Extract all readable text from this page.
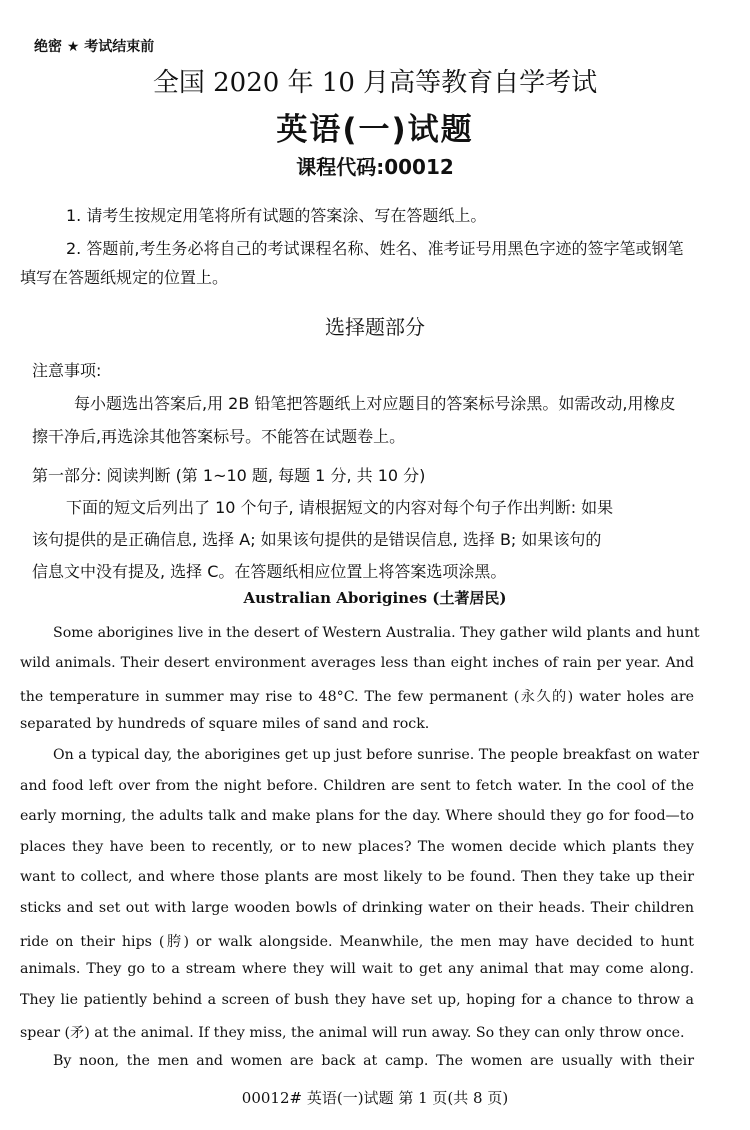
绝密 ★ 考试结束前
全国 2020 年 10 月高等教育自学考试
英语(一)试题
课程代码:00012
1. 请考生按规定用笔将所有试题的答案涂、写在答题纸上。
2. 答题前,考生务必将自己的考试课程名称、姓名、准考证号用黑色字迹的签字笔或钢笔
填写在答题纸规定的位置上。
选择题部分
注意事项:
每小题选出答案后,用 2B 铅笔把答题纸上对应题目的答案标号涂黑。如需改动,用橡皮
擦干净后,再选涂其他答案标号。不能答在试题卷上。
第一部分: 阅读判断 (第 1~10 题, 每题 1 分, 共 10 分)
下面的短文后列出了 10 个句子, 请根据短文的内容对每个句子作出判断: 如果
该句提供的是正确信息, 选择 A; 如果该句提供的是错误信息, 选择 B; 如果该句的
信息文中没有提及, 选择 C。在答题纸相应位置上将答案选项涂黑。
Australian Aborigines (土著居民)
Some aborigines live in the desert of Western Australia. They gather wild plants and hunt
wild animals. Their desert environment averages less than eight inches of rain per year. And
the temperature in summer may rise to 48°C. The few permanent (永久的) water holes are
separated by hundreds of square miles of sand and rock.
On a typical day, the aborigines get up just before sunrise. The people breakfast on water
and food left over from the night before. Children are sent to fetch water. In the cool of the
early morning, the adults talk and make plans for the day. Where should they go for food—to
places they have been to recently, or to new places? The women decide which plants they
want to collect, and where those plants are most likely to be found. Then they take up their
sticks and set out with large wooden bowls of drinking water on their heads. Their children
ride on their hips (胯) or walk alongside. Meanwhile, the men may have decided to hunt
animals. They go to a stream where they will wait to get any animal that may come along.
They lie patiently behind a screen of bush they have set up, hoping for a chance to throw a
spear (矛) at the animal. If they miss, the animal will run away. So they can only throw once.
By noon, the men and women are back at camp. The women are usually with their
00012# 英语(一)试题 第 1 页(共 8 页)
